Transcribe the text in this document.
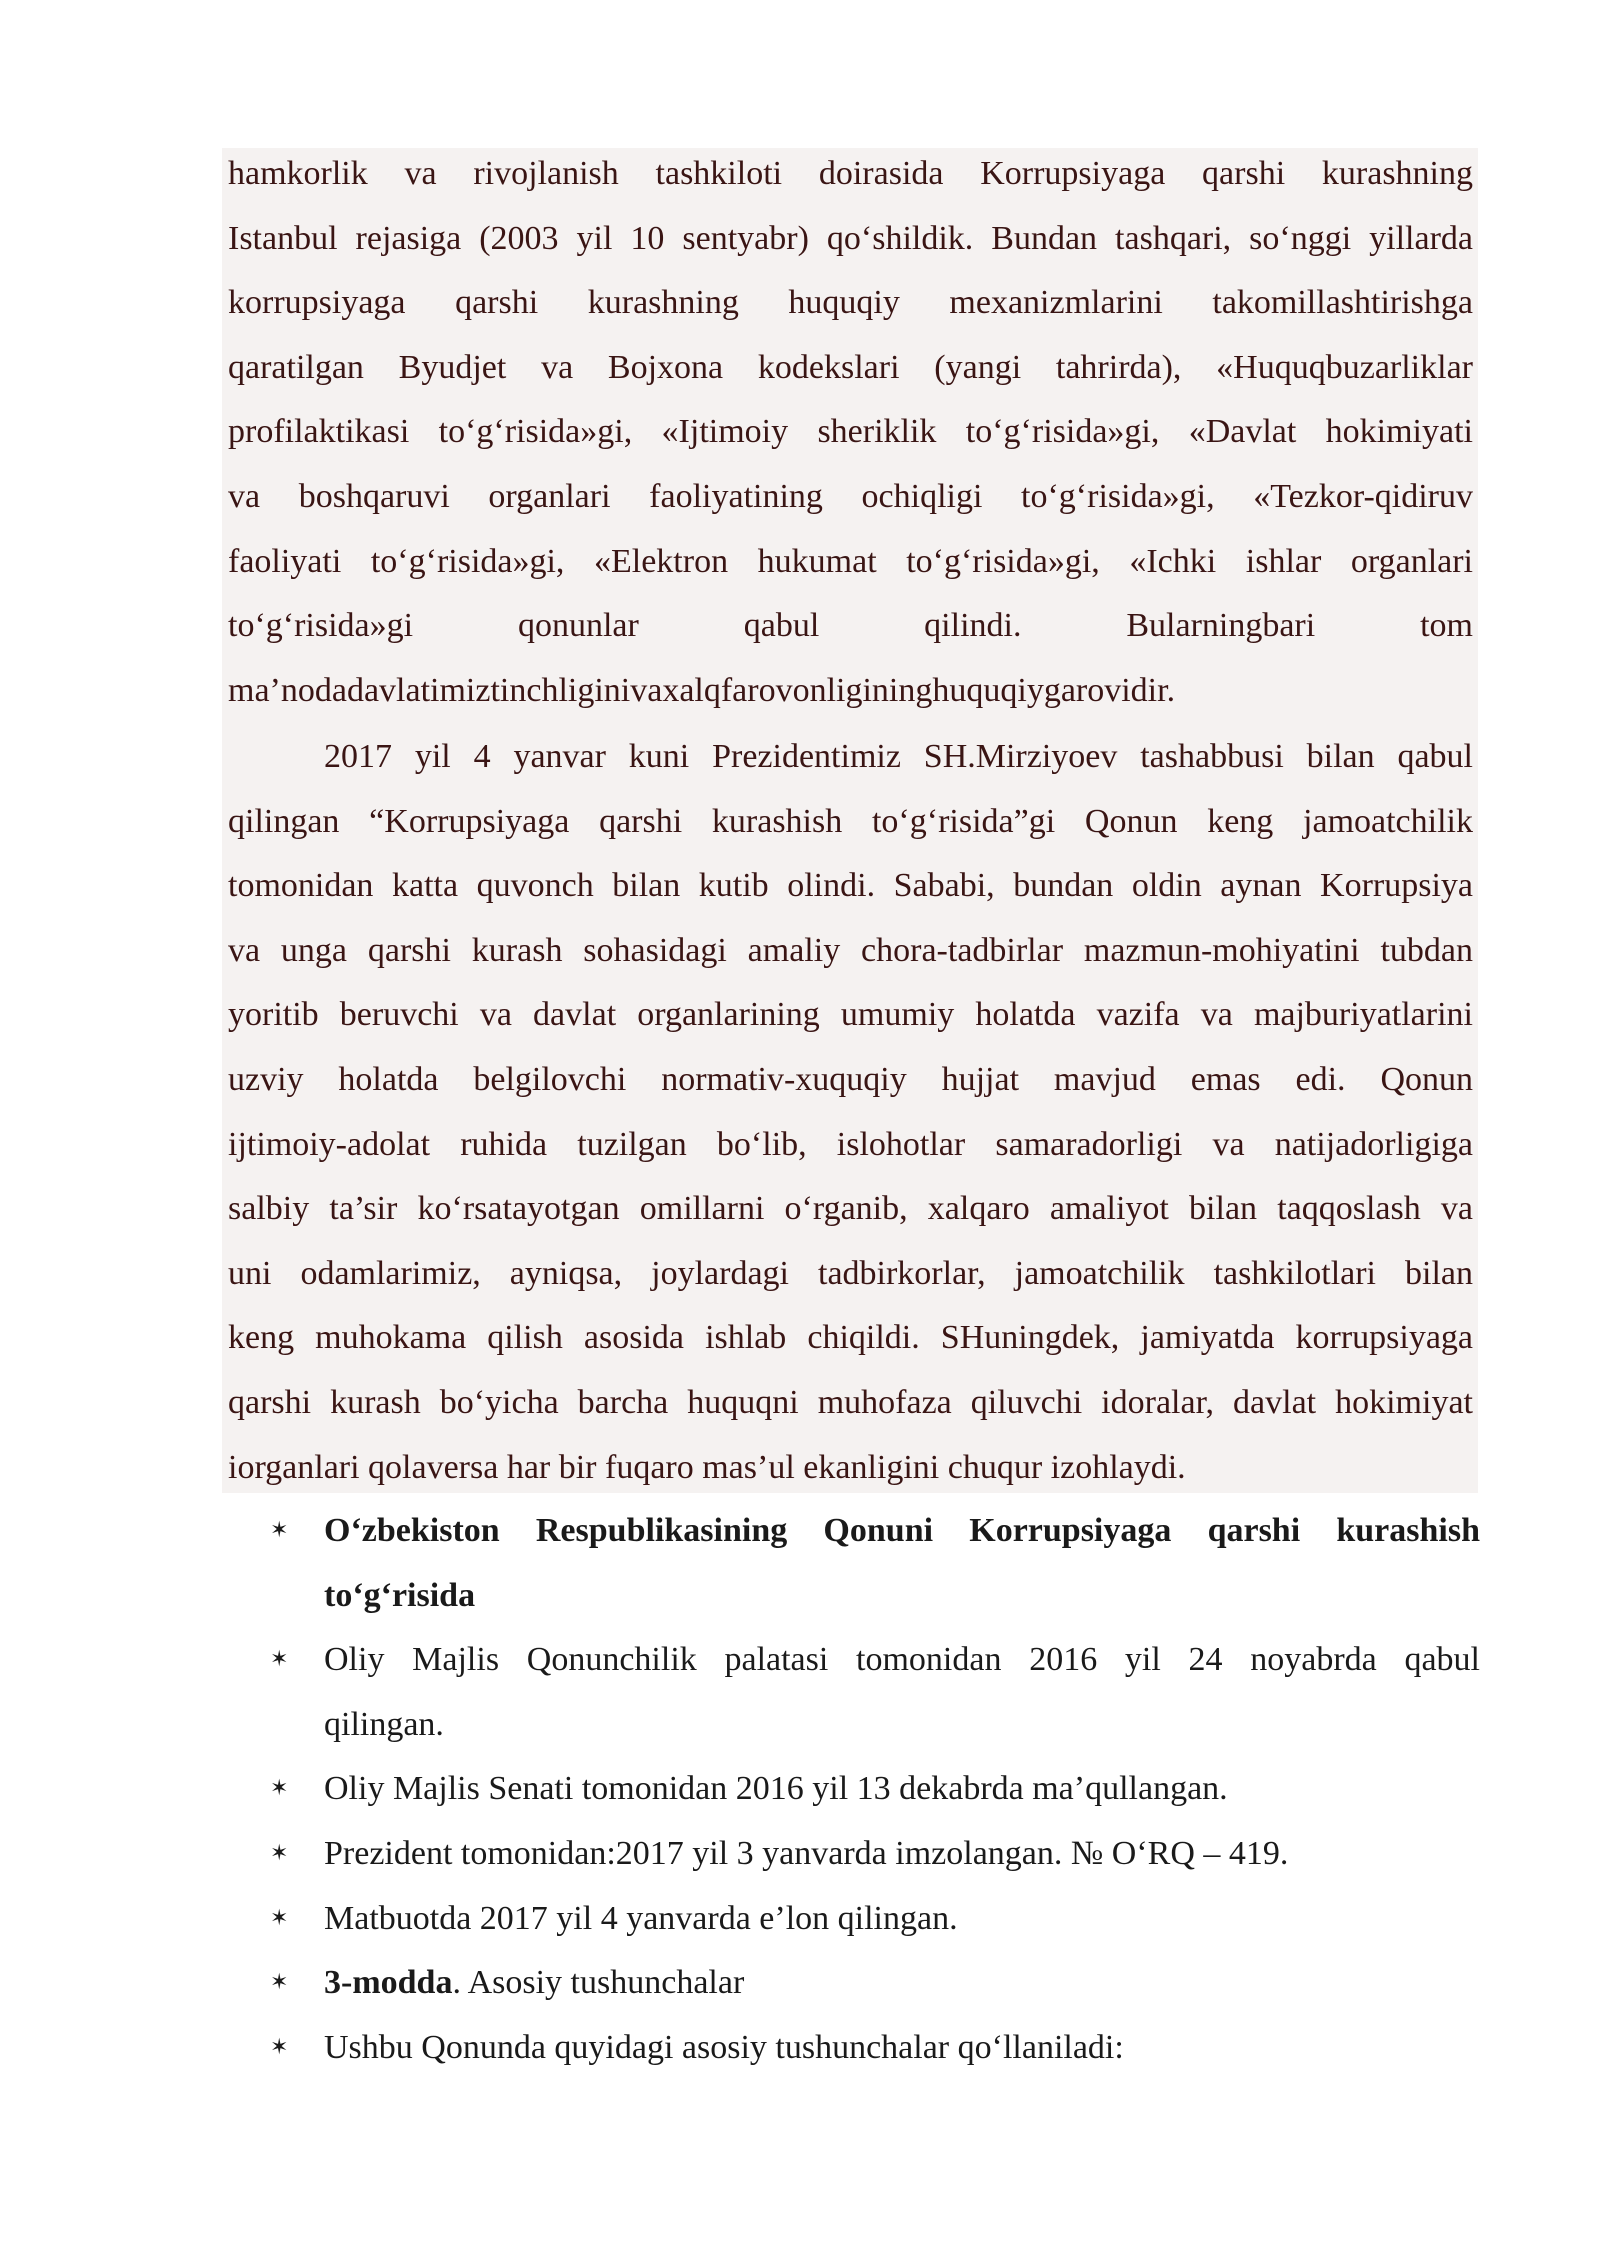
hamkorlik va rivojlanish tashkiloti doirasida Korrupsiyaga qarshi kurashning
Istanbul rejasiga (2003 yil 10 sentyabr) qo‘shildik. Bundan tashqari, so‘nggi yillarda
korrupsiyaga qarshi kurashning huquqiy mexanizmlarini takomillashtirishga
qaratilgan Byudjet va Bojxona kodekslari (yangi tahrirda), «Huquqbuzarliklar
profilaktikasi to‘g‘risida»gi, «Ijtimoiy sheriklik to‘g‘risida»gi, «Davlat hokimiyati
va boshqaruvi organlari faoliyatining ochiqligi to‘g‘risida»gi, «Tezkor-qidiruv
faoliyati to‘g‘risida»gi, «Elektron hukumat to‘g‘risida»gi, «Ichki ishlar organlari
to‘g‘risida»gi qonunlar qabul qilindi. Bularningbari tom
ma’nodadavlatimiztinchliginivaxalqfarovonligininghuquqiygarovidir.
2017 yil 4 yanvar kuni Prezidentimiz SH.Mirziyoev tashabbusi bilan qabul
qilingan “Korrupsiyaga qarshi kurashish to‘g‘risida”gi Qonun keng jamoatchilik
tomonidan katta quvonch bilan kutib olindi. Sababi, bundan oldin aynan Korrupsiya
va unga qarshi kurash sohasidagi amaliy chora-tadbirlar mazmun-mohiyatini tubdan
yoritib beruvchi va davlat organlarining umumiy holatda vazifa va majburiyatlarini
uzviy holatda belgilovchi normativ-xuquqiy hujjat mavjud emas edi. Qonun
ijtimoiy-adolat ruhida tuzilgan bo‘lib, islohotlar samaradorligi va natijadorligiga
salbiy ta’sir ko‘rsatayotgan omillarni o‘rganib, xalqaro amaliyot bilan taqqoslash va
uni odamlarimiz, ayniqsa, joylardagi tadbirkorlar, jamoatchilik tashkilotlari bilan
keng muhokama qilish asosida ishlab chiqildi. SHuningdek, jamiyatda korrupsiyaga
qarshi kurash bo‘yicha barcha huquqni muhofaza qiluvchi idoralar, davlat hokimiyat
iorganlari qolaversa har bir fuqaro mas’ul ekanligini chuqur izohlaydi.
✶ O‘zbekiston Respublikasining Qonuni Korrupsiyaga qarshi kurashish
to‘g‘risida
✶ Oliy Majlis Qonunchilik palatasi tomonidan 2016 yil 24 noyabrda qabul
qilingan.
✶ Oliy Majlis Senati tomonidan 2016 yil 13 dekabrda ma’qullangan.
✶ Prezident tomonidan:2017 yil 3 yanvarda imzolangan. № O‘RQ – 419.
✶ Matbuotda 2017 yil 4 yanvarda e’lon qilingan.
✶ 3-modda. Asosiy tushunchalar
✶ Ushbu Qonunda quyidagi asosiy tushunchalar qo‘llaniladi:
